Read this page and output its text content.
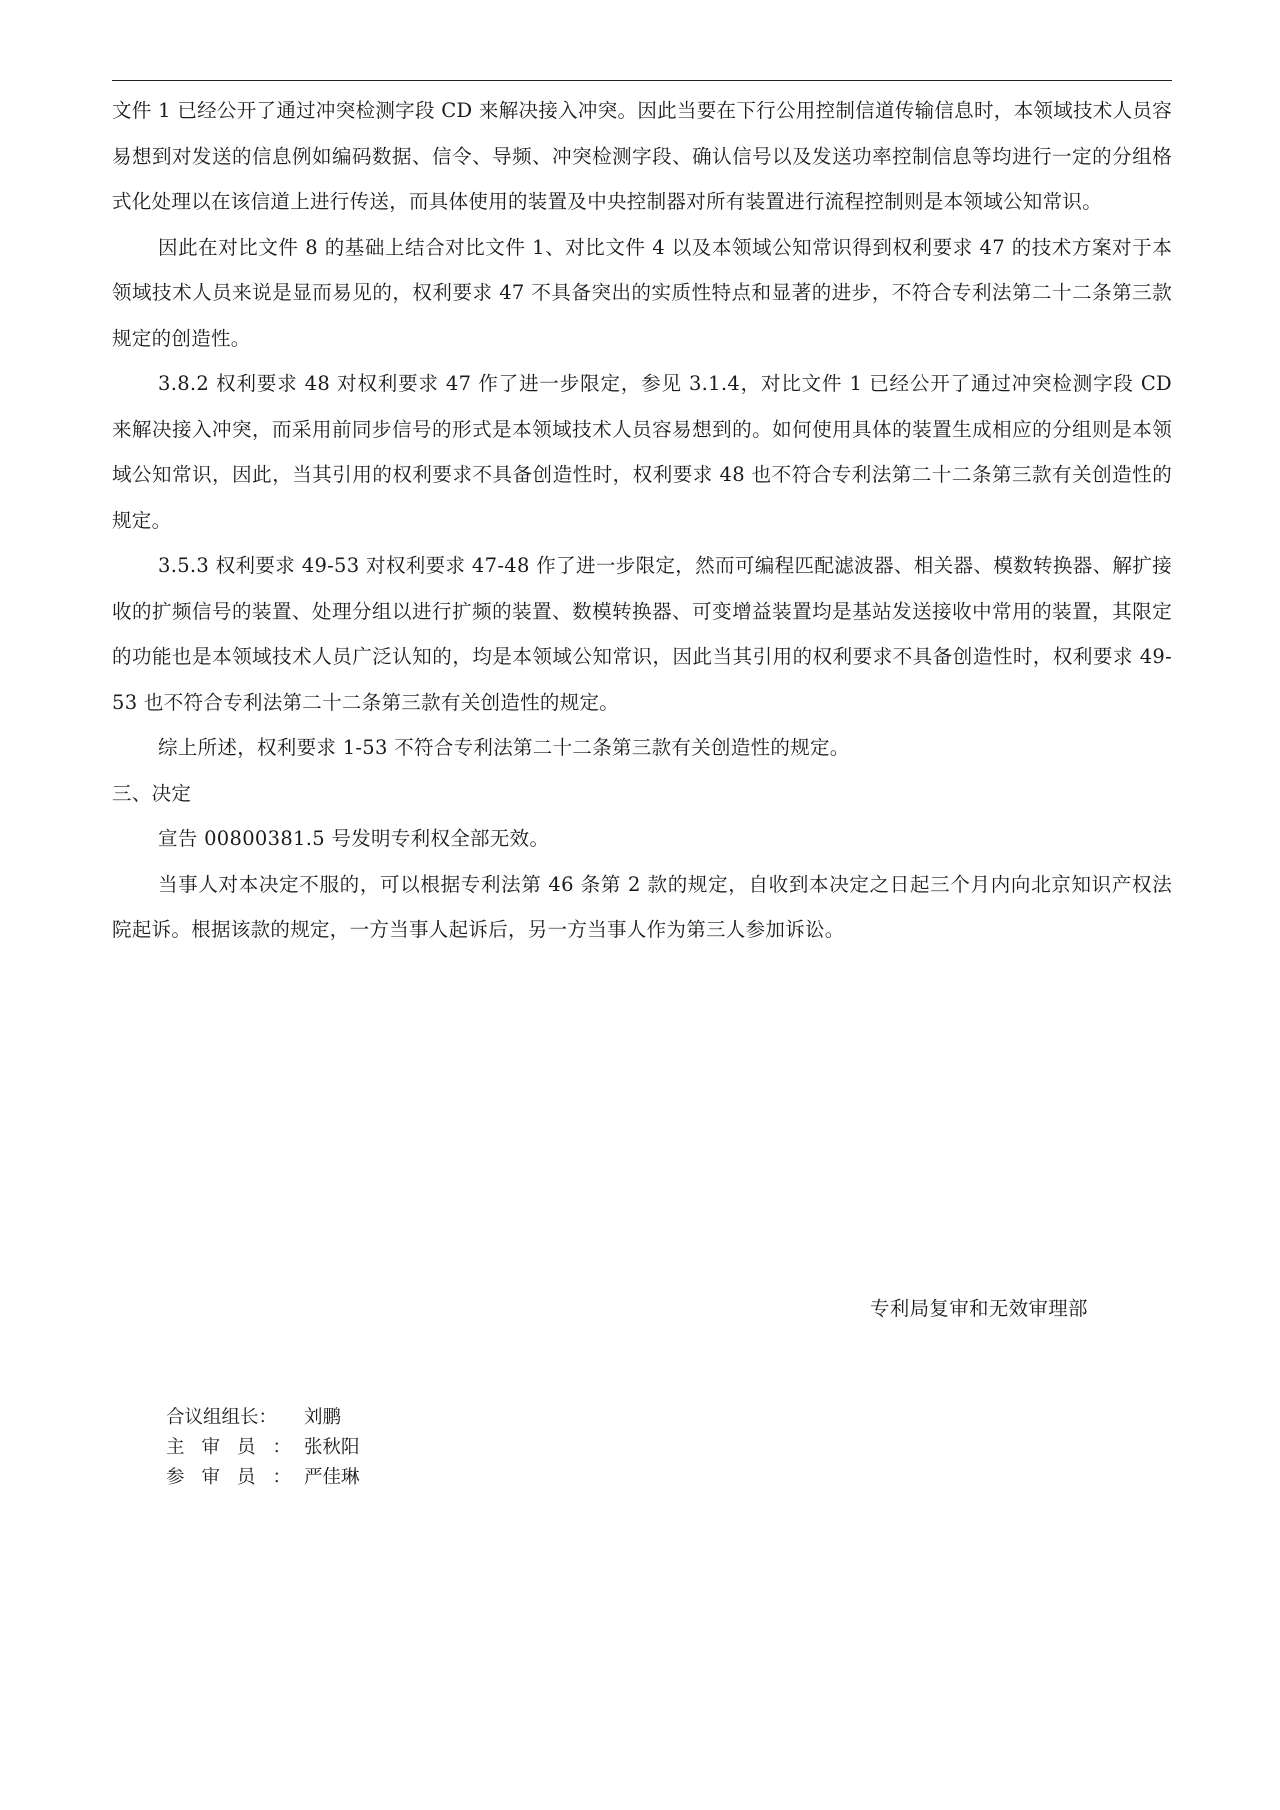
文件 1 已经公开了通过冲突检测字段 CD 来解决接入冲突。因此当要在下行公用控制信道传输信息时，本领域技术人员容易想到对发送的信息例如编码数据、信令、导频、冲突检测字段、确认信号以及发送功率控制信息等均进行一定的分组格式化处理以在该信道上进行传送，而具体使用的装置及中央控制器对所有装置进行流程控制则是本领域公知常识。

因此在对比文件 8 的基础上结合对比文件 1、对比文件 4 以及本领域公知常识得到权利要求 47 的技术方案对于本领域技术人员来说是显而易见的，权利要求 47 不具备突出的实质性特点和显著的进步，不符合专利法第二十二条第三款规定的创造性。

3.8.2 权利要求 48 对权利要求 47 作了进一步限定，参见 3.1.4，对比文件 1 已经公开了通过冲突检测字段 CD 来解决接入冲突，而采用前同步信号的形式是本领域技术人员容易想到的。如何使用具体的装置生成相应的分组则是本领域公知常识，因此，当其引用的权利要求不具备创造性时，权利要求 48 也不符合专利法第二十二条第三款有关创造性的规定。

3.5.3 权利要求 49-53 对权利要求 47-48 作了进一步限定，然而可编程匹配滤波器、相关器、模数转换器、解扩接收的扩频信号的装置、处理分组以进行扩频的装置、数模转换器、可变增益装置均是基站发送接收中常用的装置，其限定的功能也是本领域技术人员广泛认知的，均是本领域公知常识，因此当其引用的权利要求不具备创造性时，权利要求 49-53 也不符合专利法第二十二条第三款有关创造性的规定。

综上所述，权利要求 1-53 不符合专利法第二十二条第三款有关创造性的规定。

三、决定

宣告 00800381.5 号发明专利权全部无效。

当事人对本决定不服的，可以根据专利法第 46 条第 2 款的规定，自收到本决定之日起三个月内向北京知识产权法院起诉。根据该款的规定，一方当事人起诉后，另一方当事人作为第三人参加诉讼。

专利局复审和无效审理部
合议组组长：	刘鹏
主审员：
张秋阳
参审员：
严佳琳
